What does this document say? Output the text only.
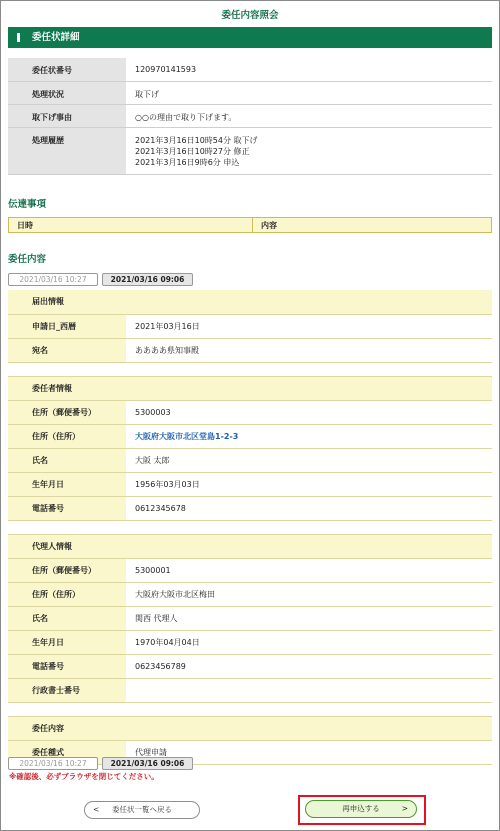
委任内容照会
委任状詳細
委任状番号	120970141593
処理状況	取下げ
取下げ事由	○○の理由で取り下げます。
処理履歴	2021年3月16日10時54分 取下げ
2021年3月16日10時27分 修正
2021年3月16日9時6分 申込
伝達事項
日時	内容
委任内容
2021/03/16 10:27	2021/03/16 09:06
届出情報	
申請日_西暦	2021年03月16日
宛名	ああああ県知事殿

委任者情報	
住所（郵便番号）	5300003
住所（住所）	大阪府大阪市北区堂島1-2-3
氏名	大阪 太郎
生年月日	1956年03月03日
電話番号	0612345678

代理人情報	
住所（郵便番号）	5300001
住所（住所）	大阪府大阪市北区梅田
氏名	関西 代理人
生年月日	1970年04月04日
電話番号	0623456789
行政書士番号	

委任内容	
委任種式	代理申請
2021/03/16 10:27	2021/03/16 09:06
※確認後、必ずブラウザを閉じてください。
< 委任状一覧へ戻る	再申込する	>
